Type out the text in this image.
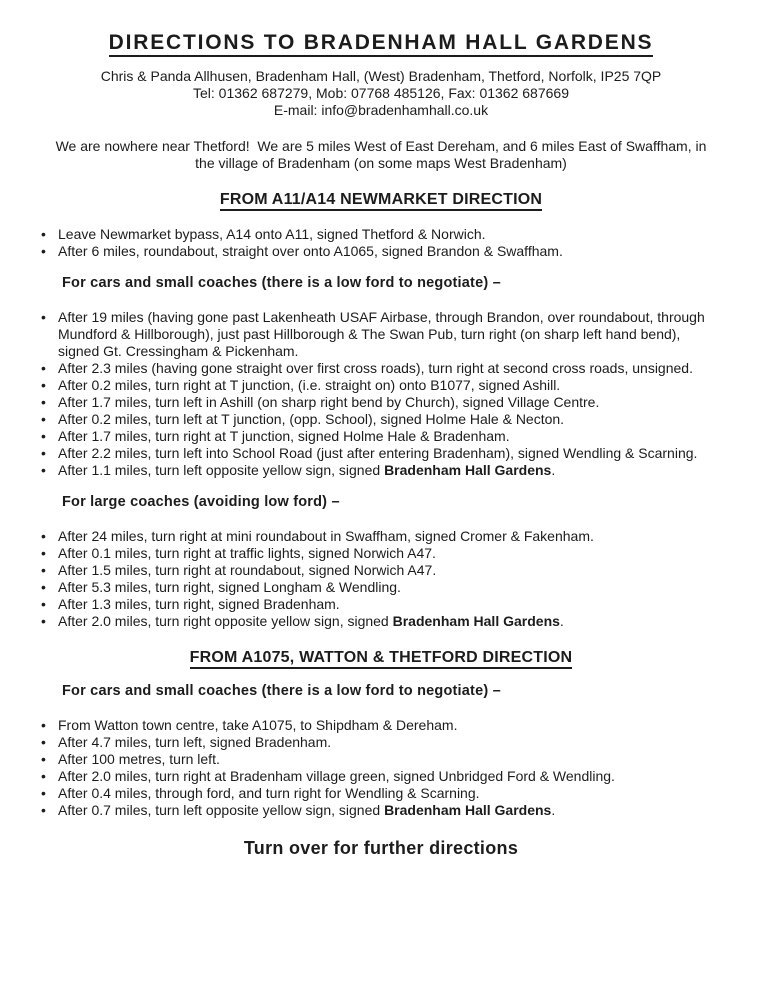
DIRECTIONS TO BRADENHAM HALL GARDENS

Chris & Panda Allhusen, Bradenham Hall, (West) Bradenham, Thetford, Norfolk, IP25 7QP
Tel: 01362 687279, Mob: 07768 485126, Fax: 01362 687669
E-mail: info@bradenhamhall.co.uk

We are nowhere near Thetford!  We are 5 miles West of East Dereham, and 6 miles East of Swaffham, in the village of Bradenham (on some maps West Bradenham)

FROM A11/A14 NEWMARKET DIRECTION
• Leave Newmarket bypass, A14 onto A11, signed Thetford & Norwich.
• After 6 miles, roundabout, straight over onto A1065, signed Brandon & Swaffham.
For cars and small coaches (there is a low ford to negotiate) –
• After 19 miles (having gone past Lakenheath USAF Airbase, through Brandon, over roundabout, through Mundford & Hillborough), just past Hillborough & The Swan Pub, turn right (on sharp left hand bend), signed Gt. Cressingham & Pickenham.
• After 2.3 miles (having gone straight over first cross roads), turn right at second cross roads, unsigned.
• After 0.2 miles, turn right at T junction, (i.e. straight on) onto B1077, signed Ashill.
• After 1.7 miles, turn left in Ashill (on sharp right bend by Church), signed Village Centre.
• After 0.2 miles, turn left at T junction, (opp. School), signed Holme Hale & Necton.
• After 1.7 miles, turn right at T junction, signed Holme Hale & Bradenham.
• After 2.2 miles, turn left into School Road (just after entering Bradenham), signed Wendling & Scarning.
• After 1.1 miles, turn left opposite yellow sign, signed Bradenham Hall Gardens.
For large coaches (avoiding low ford) –
• After 24 miles, turn right at mini roundabout in Swaffham, signed Cromer & Fakenham.
• After 0.1 miles, turn right at traffic lights, signed Norwich A47.
• After 1.5 miles, turn right at roundabout, signed Norwich A47.
• After 5.3 miles, turn right, signed Longham & Wendling.
• After 1.3 miles, turn right, signed Bradenham.
• After 2.0 miles, turn right opposite yellow sign, signed Bradenham Hall Gardens.
FROM A1075, WATTON & THETFORD DIRECTION
For cars and small coaches (there is a low ford to negotiate) –
• From Watton town centre, take A1075, to Shipdham & Dereham.
• After 4.7 miles, turn left, signed Bradenham.
• After 100 metres, turn left.
• After 2.0 miles, turn right at Bradenham village green, signed Unbridged Ford & Wendling.
• After 0.4 miles, through ford, and turn right for Wendling & Scarning.
• After 0.7 miles, turn left opposite yellow sign, signed Bradenham Hall Gardens.

Turn over for further directions
